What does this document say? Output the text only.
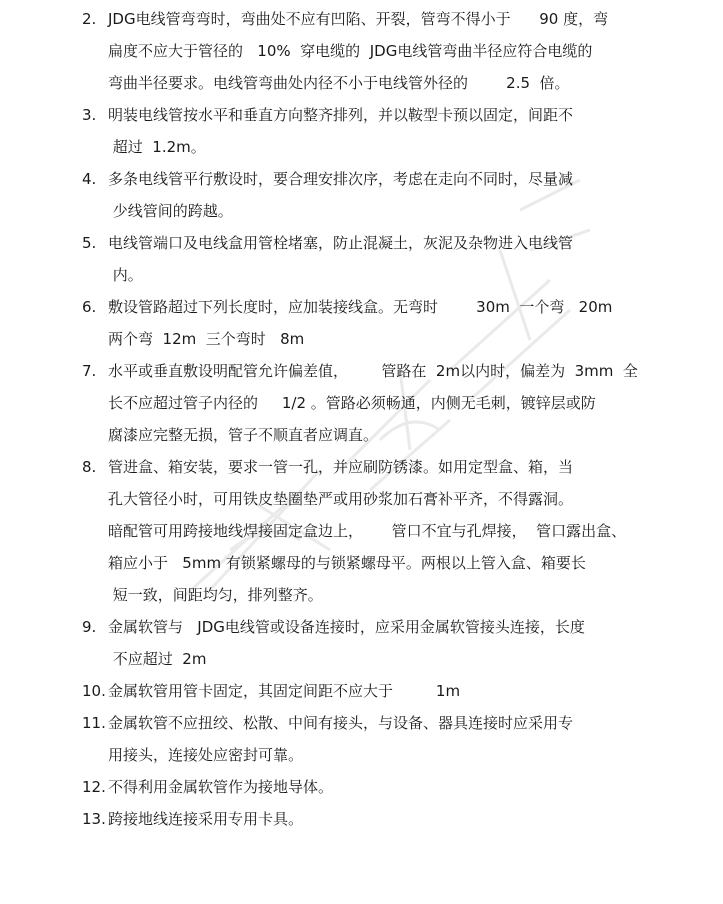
2. JDG电线管弯弯时，弯曲处不应有凹陷、开裂，管弯不得小于      90 度，弯
扁度不应大于管径的   10%  穿电缆的  JDG电线管弯曲半径应符合电缆的
弯曲半径要求。电线管弯曲处内径不小于电线管外径的        2.5  倍。
3. 明装电线管按水平和垂直方向整齐排列，并以鞍型卡预以固定，间距不
超过  1.2m。
4. 多条电线管平行敷设时，要合理安排次序，考虑在走向不同时，尽量减
少线管间的跨越。
5. 电线管端口及电线盒用管栓堵塞，防止混凝土，灰泥及杂物进入电线管
内。
6. 敷设管路超过下列长度时，应加装接线盒。无弯时        30m  一个弯   20m
两个弯  12m  三个弯时   8m
7. 水平或垂直敷设明配管允许偏差值，       管路在  2m以内时，偏差为  3mm  全
长不应超过管子内径的     1/2 。管路必须畅通，内侧无毛刺，镀锌层或防
腐漆应完整无损，管子不顺直者应调直。
8. 管进盒、箱安装，要求一管一孔，并应刷防锈漆。如用定型盒、箱，当
孔大管径小时，可用铁皮垫圈垫严或用砂浆加石膏补平齐，不得露洞。
暗配管可用跨接地线焊接固定盒边上，      管口不宜与孔焊接，  管口露出盒、
箱应小于   5mm 有锁紧螺母的与锁紧螺母平。两根以上管入盒、箱要长
短一致，间距均匀，排列整齐。
9. 金属软管与   JDG电线管或设备连接时，应采用金属软管接头连接，长度
不应超过  2m
10. 金属软管用管卡固定，其固定间距不应大于         1m
11. 金属软管不应扭绞、松散、中间有接头，与设备、器具连接时应采用专
用接头，连接处应密封可靠。
12. 不得利用金属软管作为接地导体。
13. 跨接地线连接采用专用卡具。
